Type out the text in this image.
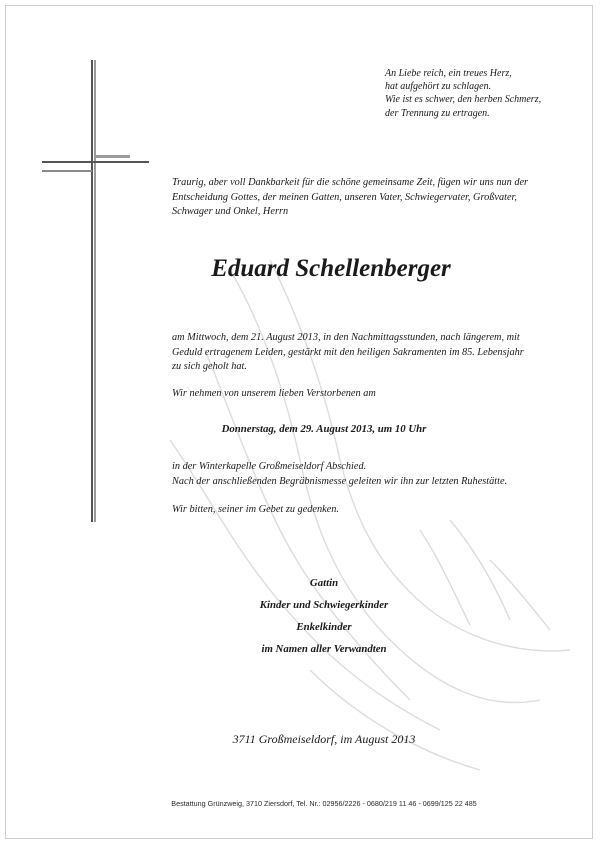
An Liebe reich, ein treues Herz,
hat aufgehört zu schlagen.
Wie ist es schwer, den herben Schmerz,
der Trennung zu ertragen.
Traurig, aber voll Dankbarkeit für die schöne gemeinsame Zeit, fügen wir uns nun der
Entscheidung Gottes, der meinen Gatten, unseren Vater, Schwiegervater, Großvater,
Schwager und Onkel, Herrn
Eduard Schellenberger
am Mittwoch, dem 21. August 2013, in den Nachmittagsstunden, nach längerem, mit
Geduld ertragenem Leiden, gestärkt mit den heiligen Sakramenten im 85. Lebensjahr
zu sich geholt hat.
Wir nehmen von unserem lieben Verstorbenen am
Donnerstag, dem 29. August 2013, um 10 Uhr
in der Winterkapelle Großmeiseldorf Abschied.
Nach der anschließenden Begräbnismesse geleiten wir ihn zur letzten Ruhestätte.
Wir bitten, seiner im Gebet zu gedenken.
Gattin
Kinder und Schwiegerkinder
Enkelkinder
im Namen aller Verwandten
3711 Großmeiseldorf, im August 2013
Bestattung Grünzweig, 3710 Ziersdorf, Tel. Nr.: 02956/2226 - 0680/219 11 46 - 0699/125 22 485
